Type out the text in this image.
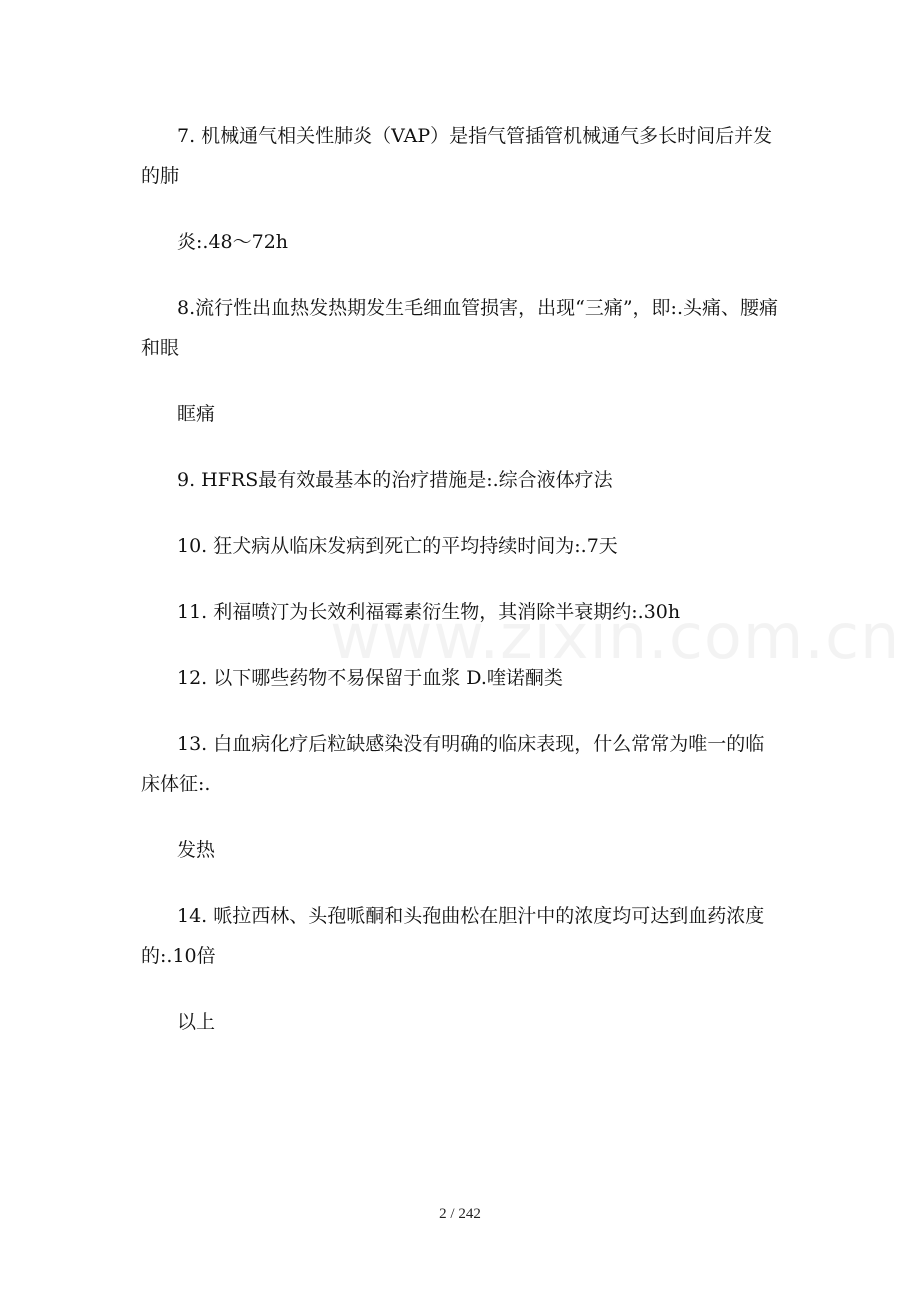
7. 机械通气相关性肺炎（VAP）是指气管插管机械通气多长时间后并发的肺

炎:.48～72h

8.流行性出血热发热期发生毛细血管损害，出现“三痛”，即:.头痛、腰痛和眼

眶痛

9. HFRS最有效最基本的治疗措施是:.综合液体疗法

10. 狂犬病从临床发病到死亡的平均持续时间为:.7天

11. 利福喷汀为长效利福霉素衍生物，其消除半衰期约:.30h

12. 以下哪些药物不易保留于血浆 D.喹诺酮类

13. 白血病化疗后粒缺感染没有明确的临床表现，什么常常为唯一的临床体征:.

发热

14. 哌拉西林、头孢哌酮和头孢曲松在胆汁中的浓度均可达到血药浓度的:.10倍

以上

2 / 242
